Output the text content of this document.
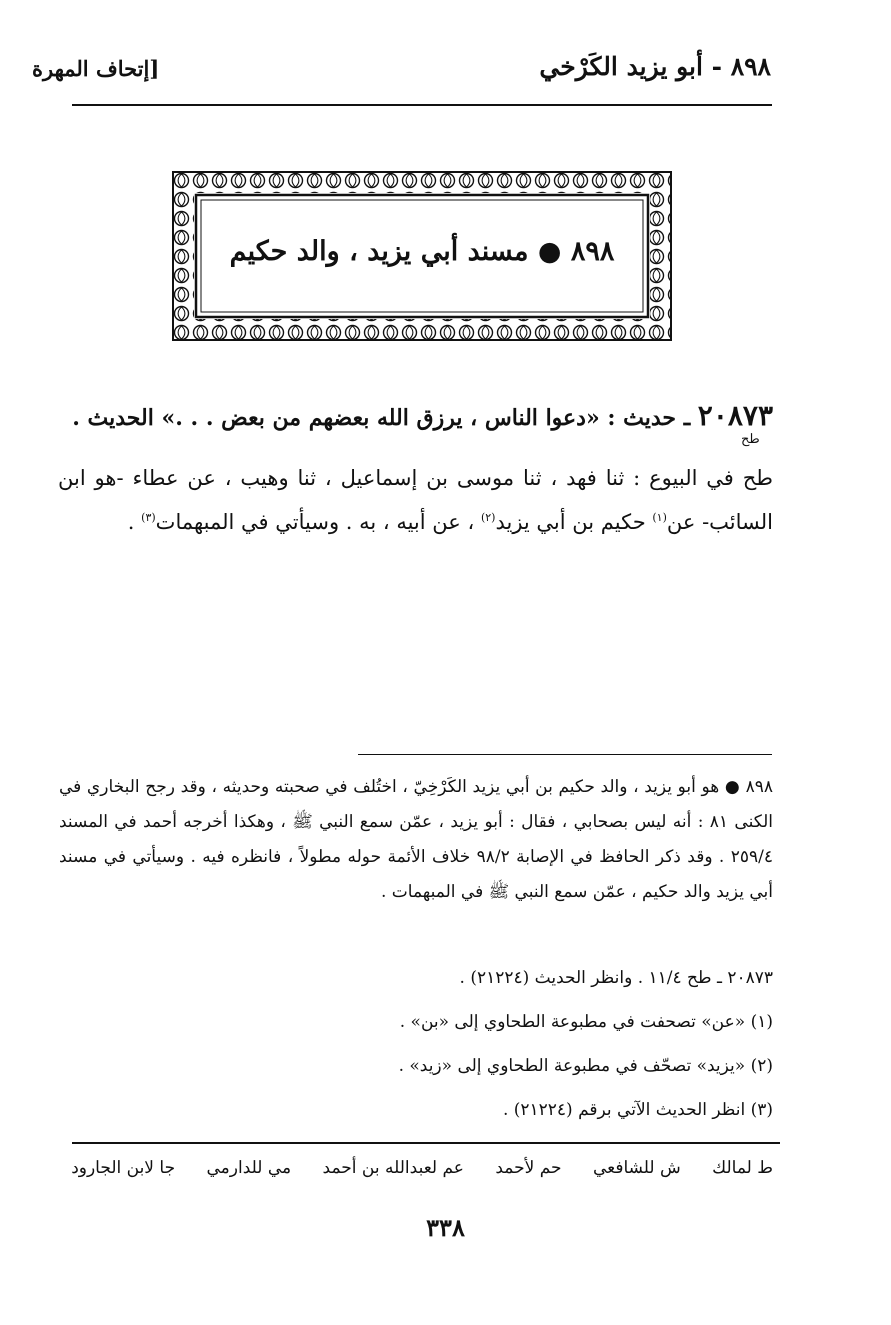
٨٩٨ - أبو يزيد الكَرْخي
[إتحاف المهرة
٨٩٨ ● مسند أبي يزيد ، والد حكيم
٢٠٨٧٣ ـ حديث : «دعوا الناس ، يرزق الله بعضهم من بعض . . .» الحديث .
طح
طح في البيوع : ثنا فهد ، ثنا موسى بن إسماعيل ، ثنا وهيب ، عن عطاء -هو ابن السائب- عن$^{(١)}$ حكيم بن أبي يزيد$^{(٢)}$ ، عن أبيه ، به . وسيأتي في المبهمات$^{(٣)}$ .
٨٩٨ ● هو أبو يزيد ، والد حكيم بن أبي يزيد الكَرْخِيّ ، اختُلف في صحبته وحديثه ، وقد رجح البخاري في الكنى ٨١ : أنه ليس بصحابي ، فقال : أبو يزيد ، عمّن سمع النبي ﷺ ، وهكذا أخرجه أحمد في المسند ٢٥٩/٤ . وقد ذكر الحافظ في الإصابة ٩٨/٢ خلاف الأئمة حوله مطولاً ، فانظره فيه . وسيأتي في مسند أبي يزيد والد حكيم ، عمّن سمع النبي ﷺ في المبهمات .
٢٠٨٧٣ ـ طح ١١/٤ . وانظر الحديث (٢١٢٢٤) .
(١) «عن» تصحفت في مطبوعة الطحاوي إلى «بن» .
(٢) «يزيد» تصحّف في مطبوعة الطحاوي إلى «زيد» .
(٣) انظر الحديث الآتي برقم (٢١٢٢٤) .
ط لمالك ش للشافعي حم لأحمد عم لعبدالله بن أحمد مي للدارمي جا لابن الجارود
٣٣٨
